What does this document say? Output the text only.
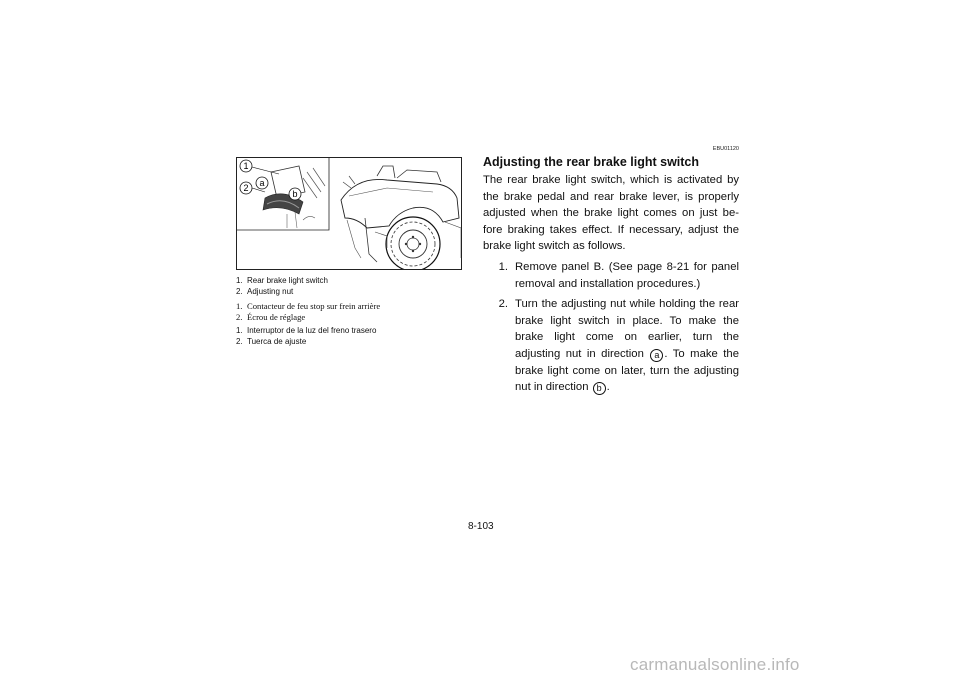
1
2 a
b
1. Rear brake light switch
2. Adjusting nut
1. Contacteur de feu stop sur frein arrière
2. Écrou de réglage
1. Interruptor de la luz del freno trasero
2. Tuerca de ajuste
EBU01120
Adjusting the rear brake light switch
The rear brake light switch, which is activated by the brake pedal and rear brake lever, is properly adjusted when the brake light comes on just be-fore braking takes effect. If necessary, adjust the brake light switch as follows.
1. Remove panel B. (See page 8-21 for panel removal and installation procedures.)
2. Turn the adjusting nut while holding the rear brake light switch in place. To make the brake light come on earlier, turn the adjusting nut in direction a . To make the brake light come on later, turn the adjusting nut in direction b .
8-103
carmanualsonline.info
